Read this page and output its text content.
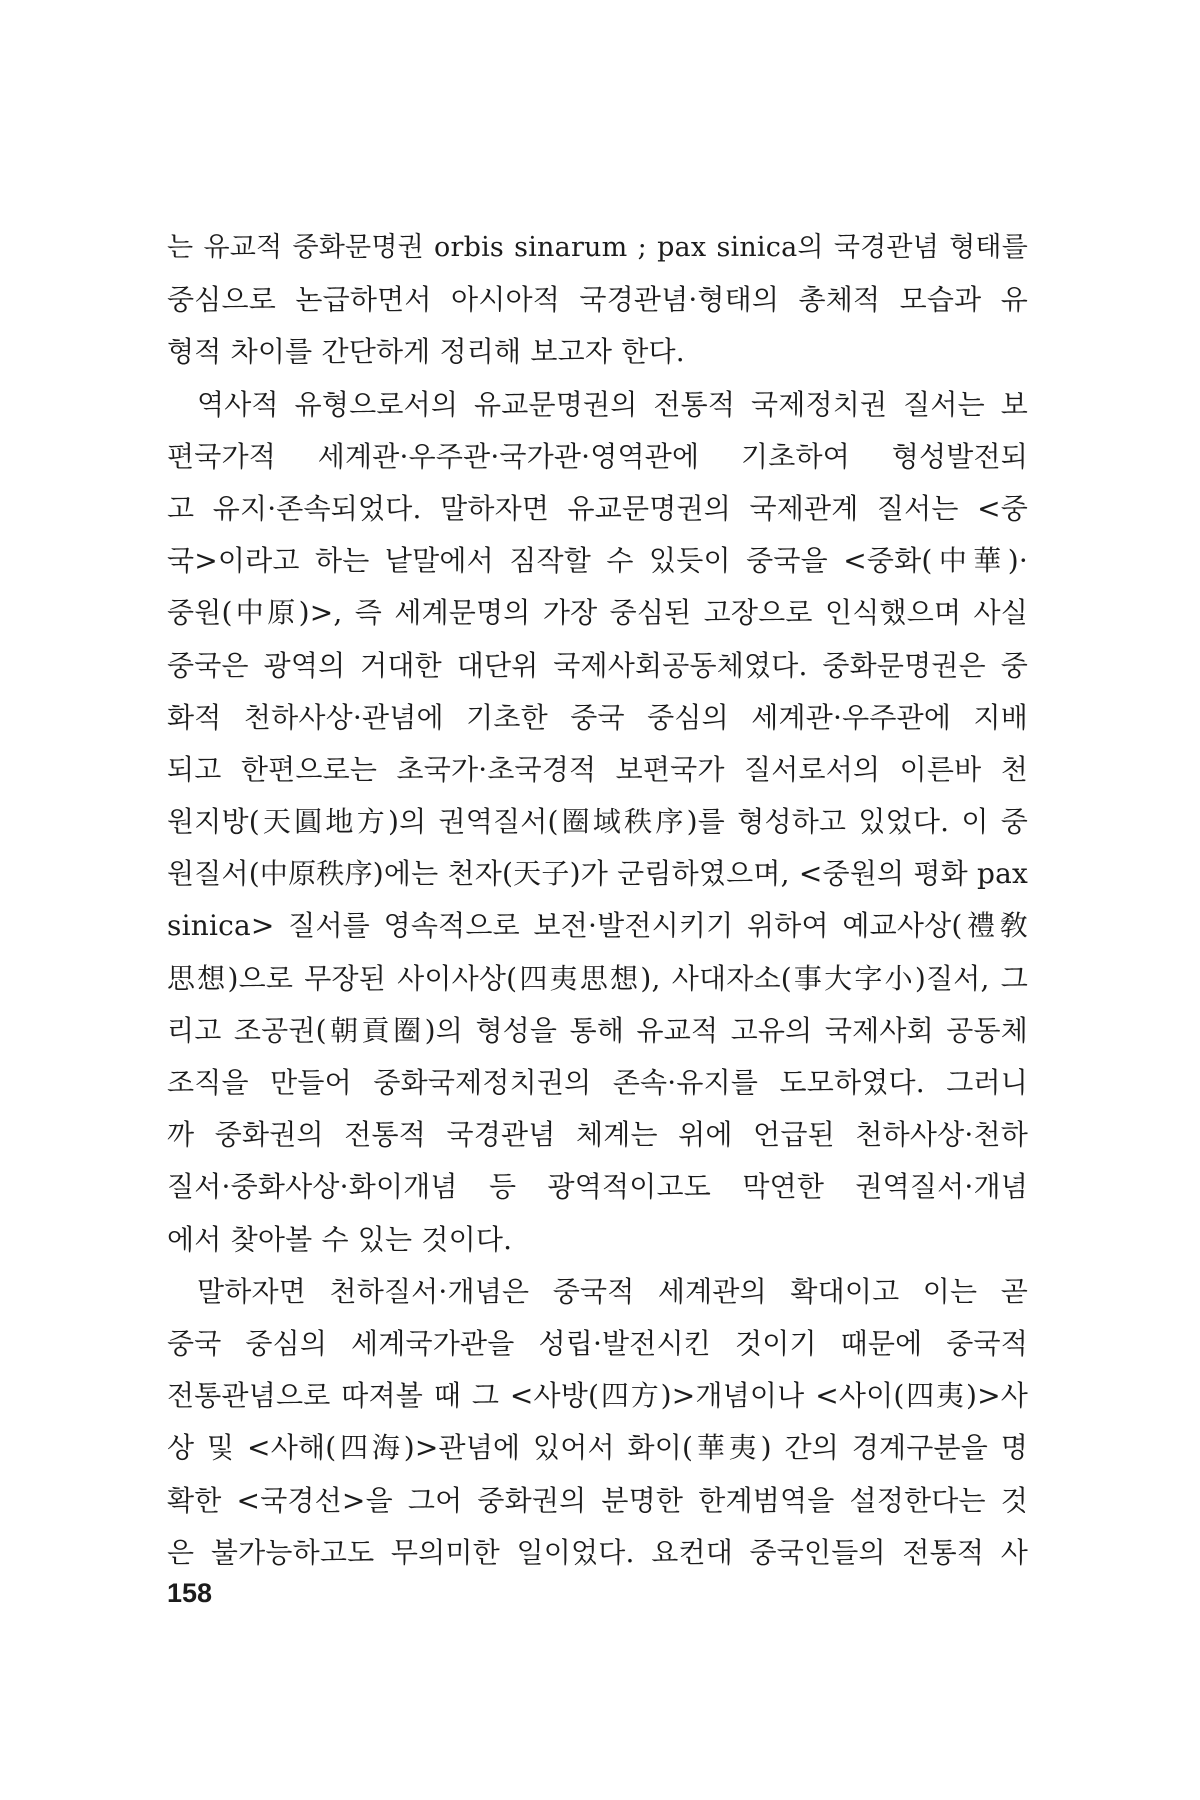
는 유교적 중화문명권 orbis sinarum ; pax sinica의 국경관념 형태를
중심으로 논급하면서 아시아적 국경관념·형태의 총체적 모습과 유
형적 차이를 간단하게 정리해 보고자 한다.
역사적 유형으로서의 유교문명권의 전통적 국제정치권 질서는 보
편국가적 세계관·우주관·국가관·영역관에 기초하여 형성발전되
고 유지·존속되었다. 말하자면 유교문명권의 국제관계 질서는 <중
국>이라고 하는 낱말에서 짐작할 수 있듯이 중국을 <중화(中華)·
중원(中原)>, 즉 세계문명의 가장 중심된 고장으로 인식했으며 사실
중국은 광역의 거대한 대단위 국제사회공동체였다. 중화문명권은 중
화적 천하사상·관념에 기초한 중국 중심의 세계관·우주관에 지배
되고 한편으로는 초국가·초국경적 보편국가 질서로서의 이른바 천
원지방(天圓地方)의 권역질서(圈域秩序)를 형성하고 있었다. 이 중
원질서(中原秩序)에는 천자(天子)가 군림하였으며, <중원의 평화 pax
sinica> 질서를 영속적으로 보전·발전시키기 위하여 예교사상(禮敎
思想)으로 무장된 사이사상(四夷思想), 사대자소(事大字小)질서, 그
리고 조공권(朝貢圈)의 형성을 통해 유교적 고유의 국제사회 공동체
조직을 만들어 중화국제정치권의 존속·유지를 도모하였다. 그러니
까 중화권의 전통적 국경관념 체계는 위에 언급된 천하사상·천하
질서·중화사상·화이개념 등 광역적이고도 막연한 권역질서·개념
에서 찾아볼 수 있는 것이다.
말하자면 천하질서·개념은 중국적 세계관의 확대이고 이는 곧
중국 중심의 세계국가관을 성립·발전시킨 것이기 때문에 중국적
전통관념으로 따져볼 때 그 <사방(四方)>개념이나 <사이(四夷)>사
상 및 <사해(四海)>관념에 있어서 화이(華夷) 간의 경계구분을 명
확한 <국경선>을 그어 중화권의 분명한 한계범역을 설정한다는 것
은 불가능하고도 무의미한 일이었다. 요컨대 중국인들의 전통적 사
158
